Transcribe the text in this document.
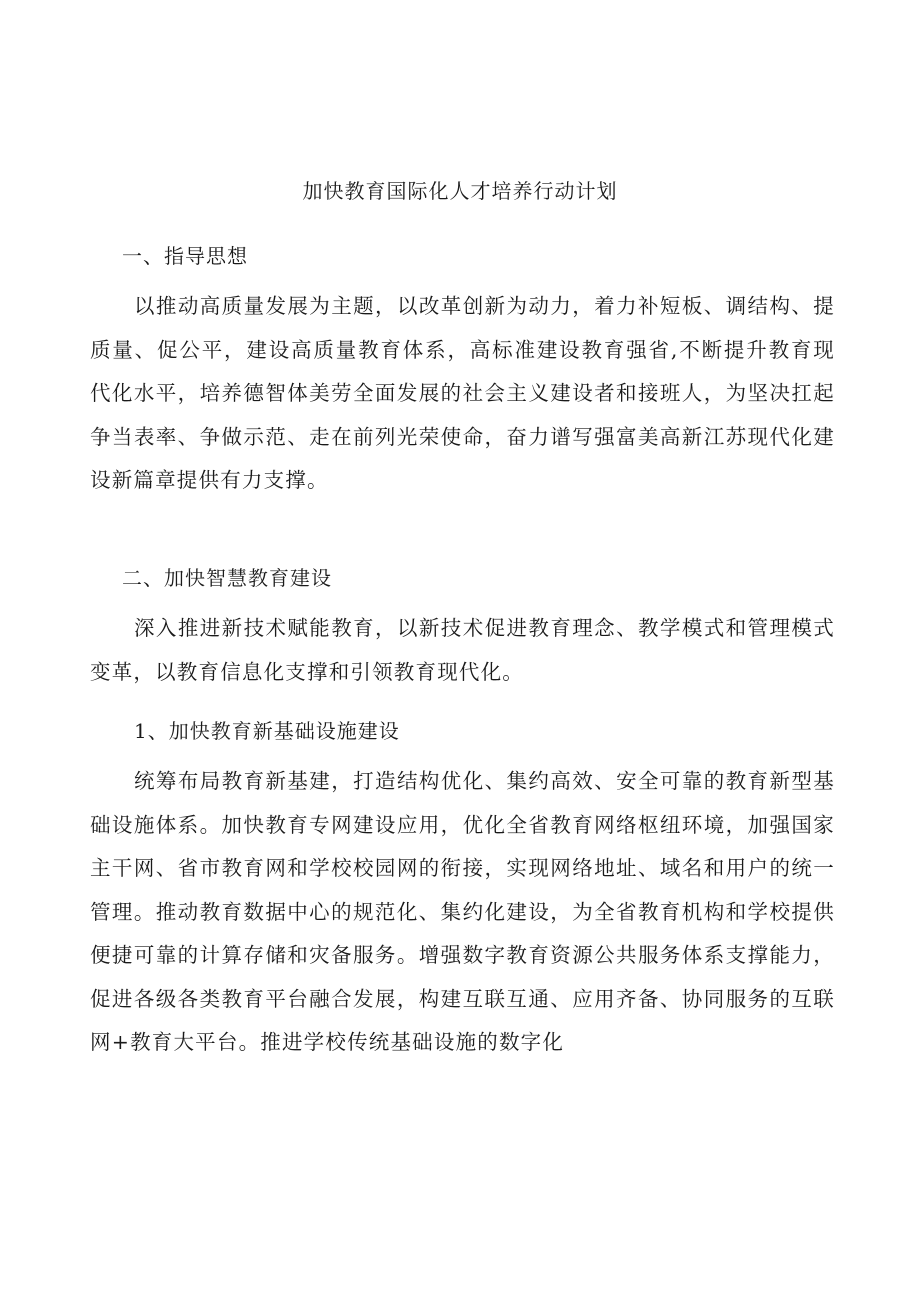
加快教育国际化人才培养行动计划
一、指导思想

以推动高质量发展为主题，以改革创新为动力，着力补短板、调结构、提质量、促公平，建设高质量教育体系，高标准建设教育强省,不断提升教育现代化水平，培养德智体美劳全面发展的社会主义建设者和接班人，为坚决扛起争当表率、争做示范、走在前列光荣使命，奋力谱写强富美高新江苏现代化建设新篇章提供有力支撑。

二、加快智慧教育建设

深入推进新技术赋能教育，以新技术促进教育理念、教学模式和管理模式变革，以教育信息化支撑和引领教育现代化。

1、加快教育新基础设施建设

统筹布局教育新基建，打造结构优化、集约高效、安全可靠的教育新型基础设施体系。加快教育专网建设应用，优化全省教育网络枢纽环境，加强国家主干网、省市教育网和学校校园网的衔接，实现网络地址、域名和用户的统一管理。推动教育数据中心的规范化、集约化建设，为全省教育机构和学校提供便捷可靠的计算存储和灾备服务。增强数字教育资源公共服务体系支撑能力，促进各级各类教育平台融合发展，构建互联互通、应用齐备、协同服务的互联网+教育大平台。推进学校传统基础设施的数字化
